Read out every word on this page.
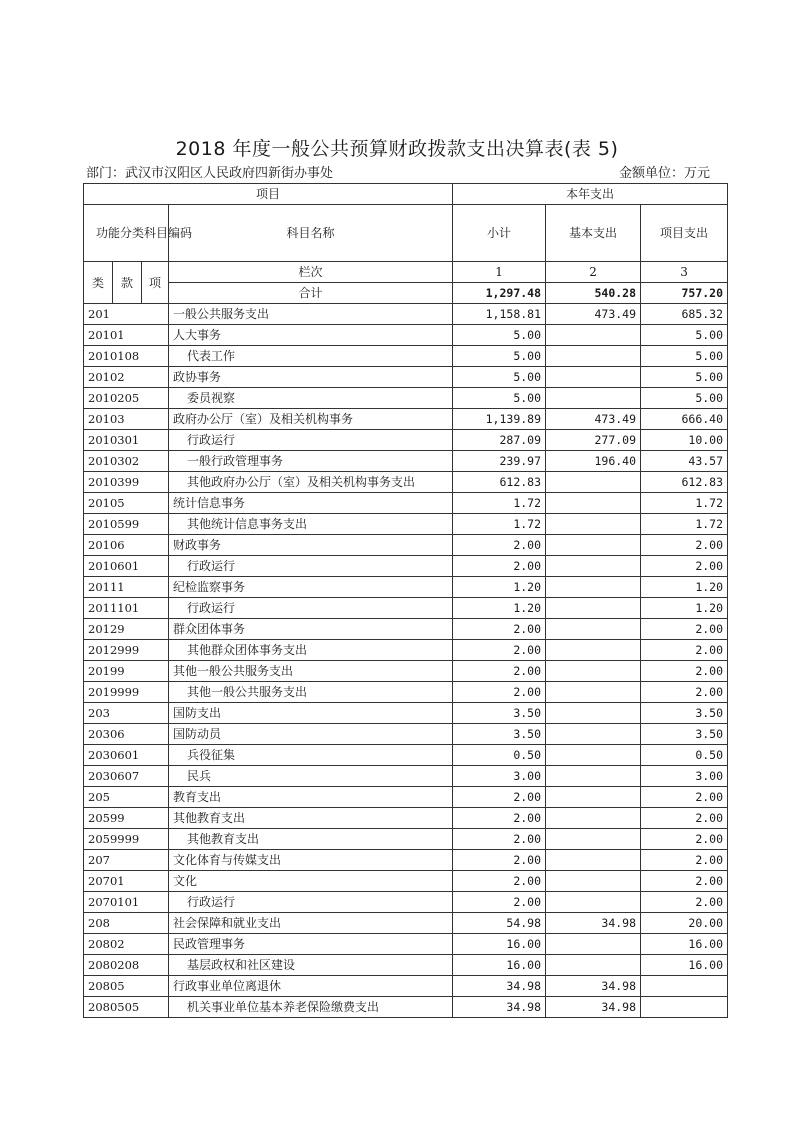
2018 年度一般公共预算财政拨款支出决算表(表 5)
部门：武汉市汉阳区人民政府四新街办事处	金额单位：万元
项目				本年支出		
功能分类科目编码			科目名称	小计	基本支出	项目支出
类	款	项	栏次	1	2	3
			合计	1,297.48	540.28	757.20
201			一般公共服务支出	1,158.81	473.49	685.32
20101			人大事务	5.00		5.00
2010108			代表工作	5.00		5.00
20102			政协事务	5.00		5.00
2010205			委员视察	5.00		5.00
20103			政府办公厅（室）及相关机构事务	1,139.89	473.49	666.40
2010301			行政运行	287.09	277.09	10.00
2010302			一般行政管理事务	239.97	196.40	43.57
2010399			其他政府办公厅（室）及相关机构事务支出	612.83		612.83
20105			统计信息事务	1.72		1.72
2010599			其他统计信息事务支出	1.72		1.72
20106			财政事务	2.00		2.00
2010601			行政运行	2.00		2.00
20111			纪检监察事务	1.20		1.20
2011101			行政运行	1.20		1.20
20129			群众团体事务	2.00		2.00
2012999			其他群众团体事务支出	2.00		2.00
20199			其他一般公共服务支出	2.00		2.00
2019999			其他一般公共服务支出	2.00		2.00
203			国防支出	3.50		3.50
20306			国防动员	3.50		3.50
2030601			兵役征集	0.50		0.50
2030607			民兵	3.00		3.00
205			教育支出	2.00		2.00
20599			其他教育支出	2.00		2.00
2059999			其他教育支出	2.00		2.00
207			文化体育与传媒支出	2.00		2.00
20701			文化	2.00		2.00
2070101			行政运行	2.00		2.00
208			社会保障和就业支出	54.98	34.98	20.00
20802			民政管理事务	16.00		16.00
2080208			基层政权和社区建设	16.00		16.00
20805			行政事业单位离退休	34.98	34.98	
2080505			机关事业单位基本养老保险缴费支出	34.98	34.98	
